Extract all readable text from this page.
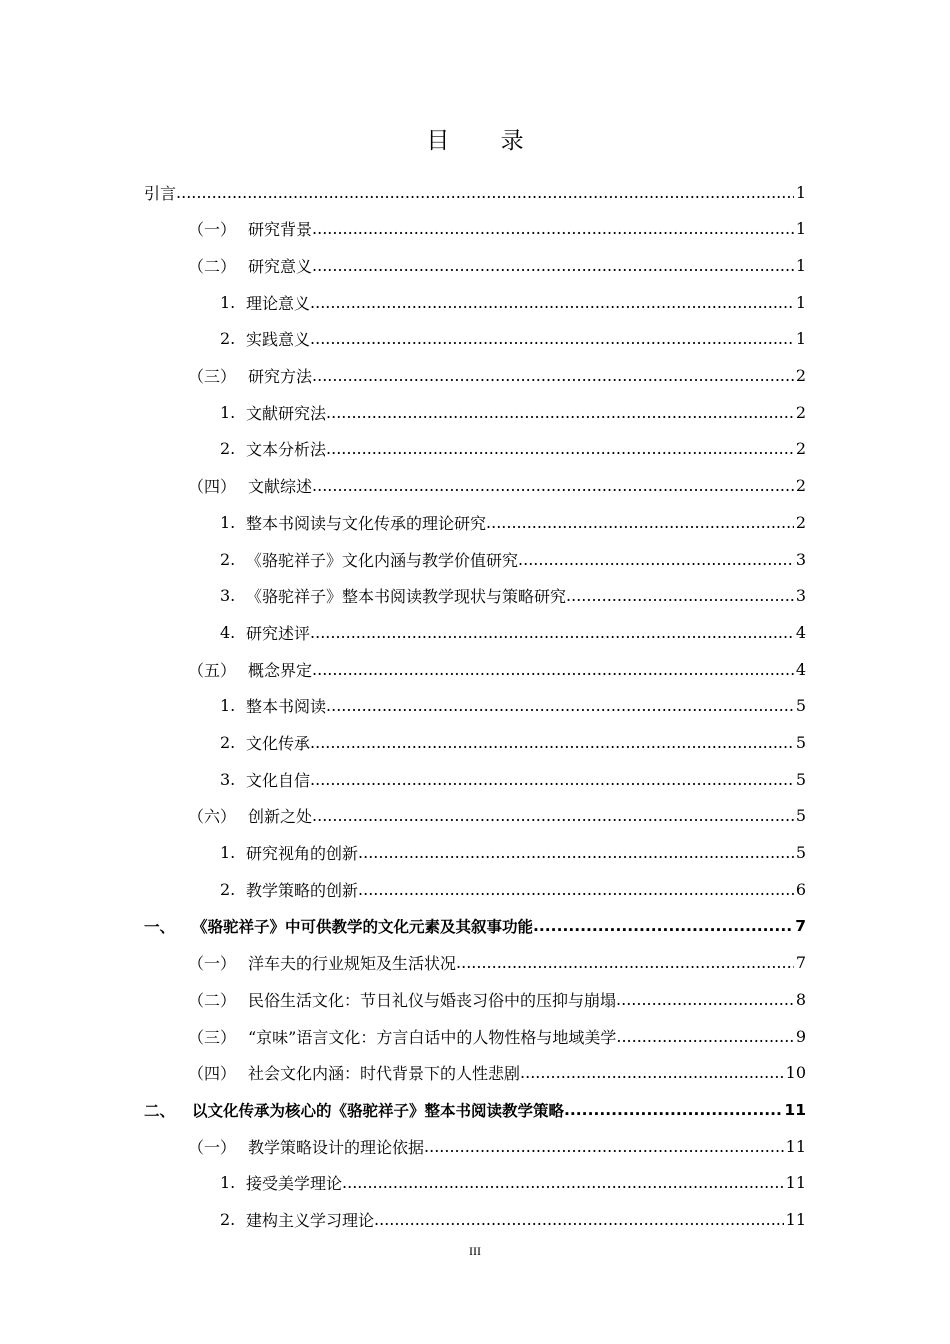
目 录
引言 .....	1
（一） 研究背景 .....	1
（二） 研究意义 .....	1
1. 理论意义 .....	1
2. 实践意义 .....	1
（三） 研究方法 .....	2
1. 文献研究法 .....	2
2. 文本分析法 .....	2
（四） 文献综述 .....	2
1. 整本书阅读与文化传承的理论研究 .....	2
2. 《骆驼祥子》文化内涵与教学价值研究 .....	3
3. 《骆驼祥子》整本书阅读教学现状与策略研究 .....	3
4. 研究述评 .....	4
（五） 概念界定 .....	4
1. 整本书阅读 .....	5
2. 文化传承 .....	5
3. 文化自信 .....	5
（六） 创新之处 .....	5
1. 研究视角的创新 .....	5
2. 教学策略的创新 .....	6
一、	《骆驼祥子》中可供教学的文化元素及其叙事功能 .....	7
（一） 洋车夫的行业规矩及生活状况 .....	7
（二） 民俗生活文化：节日礼仪与婚丧习俗中的压抑与崩塌 .....	8
（三） “京味”语言文化：方言白话中的人物性格与地域美学 .....	9
（四） 社会文化内涵：时代背景下的人性悲剧 .....	10
二、	以文化传承为核心的《骆驼祥子》整本书阅读教学策略 .....	11
（一） 教学策略设计的理论依据 .....	11
1. 接受美学理论 .....	11
2. 建构主义学习理论 .....	11
III
